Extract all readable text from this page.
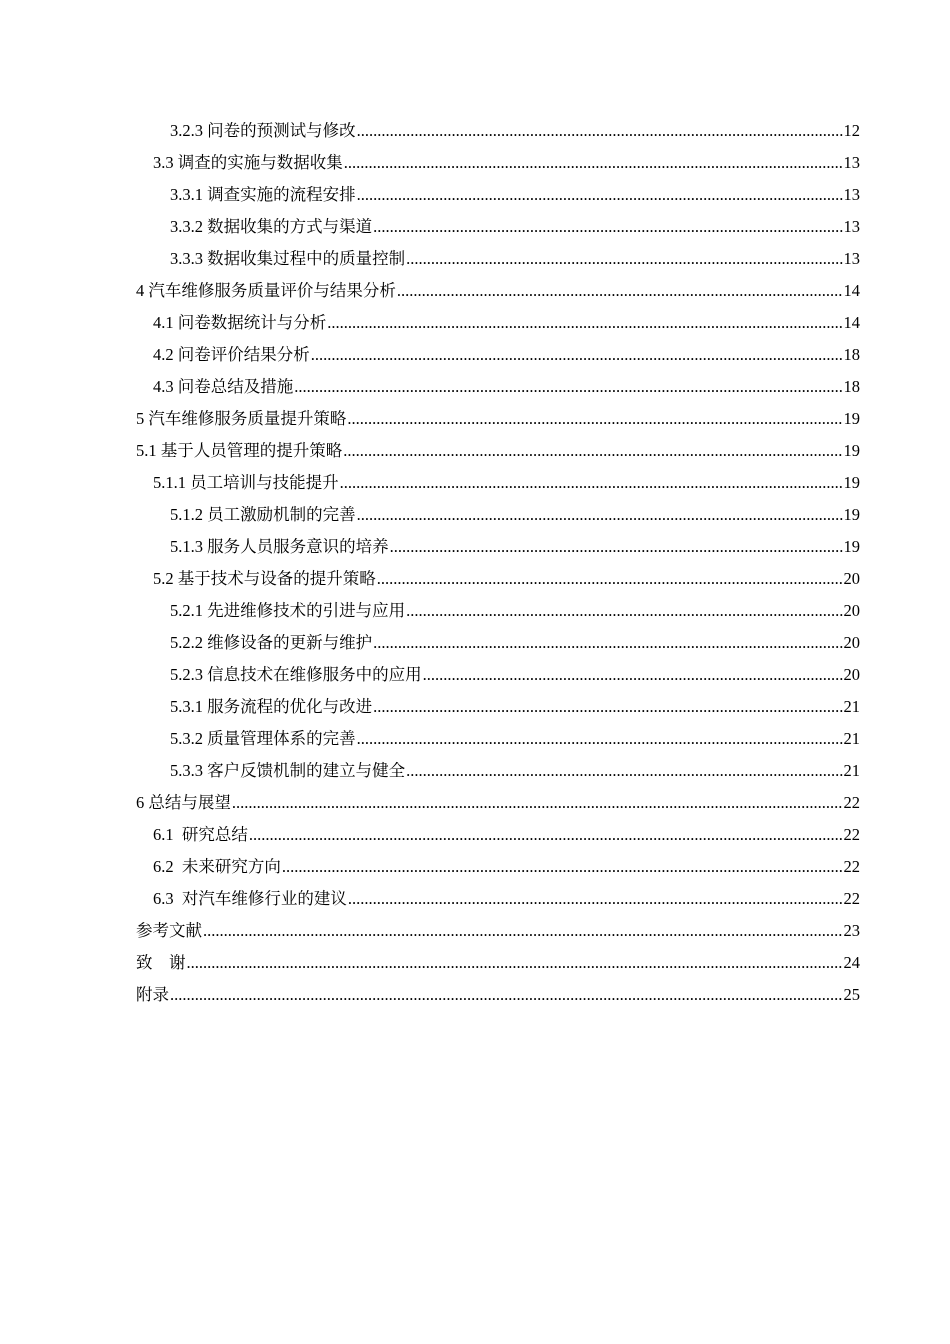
3.2.3 问卷的预测试与修改 .....	12
3.3 调查的实施与数据收集 .....	13
3.3.1 调查实施的流程安排 .....	13
3.3.2 数据收集的方式与渠道 .....	13
3.3.3 数据收集过程中的质量控制 .....	13
4 汽车维修服务质量评价与结果分析 .....	14
4.1 问卷数据统计与分析 .....	14
4.2 问卷评价结果分析 .....	18
4.3 问卷总结及措施 .....	18
5 汽车维修服务质量提升策略 .....	19
5.1 基于人员管理的提升策略 .....	19
5.1.1 员工培训与技能提升 .....	19
5.1.2 员工激励机制的完善 .....	19
5.1.3 服务人员服务意识的培养 .....	19
5.2 基于技术与设备的提升策略 .....	20
5.2.1 先进维修技术的引进与应用 .....	20
5.2.2 维修设备的更新与维护 .....	20
5.2.3 信息技术在维修服务中的应用 .....	20
5.3.1 服务流程的优化与改进 .....	21
5.3.2 质量管理体系的完善 .....	21
5.3.3 客户反馈机制的建立与健全 .....	21
6 总结与展望 .....	22
6.1  研究总结 .....	22
6.2  未来研究方向 .....	22
6.3  对汽车维修行业的建议 .....	22
参考文献 .....	23
致    谢 .....	24
附录 .....	25
